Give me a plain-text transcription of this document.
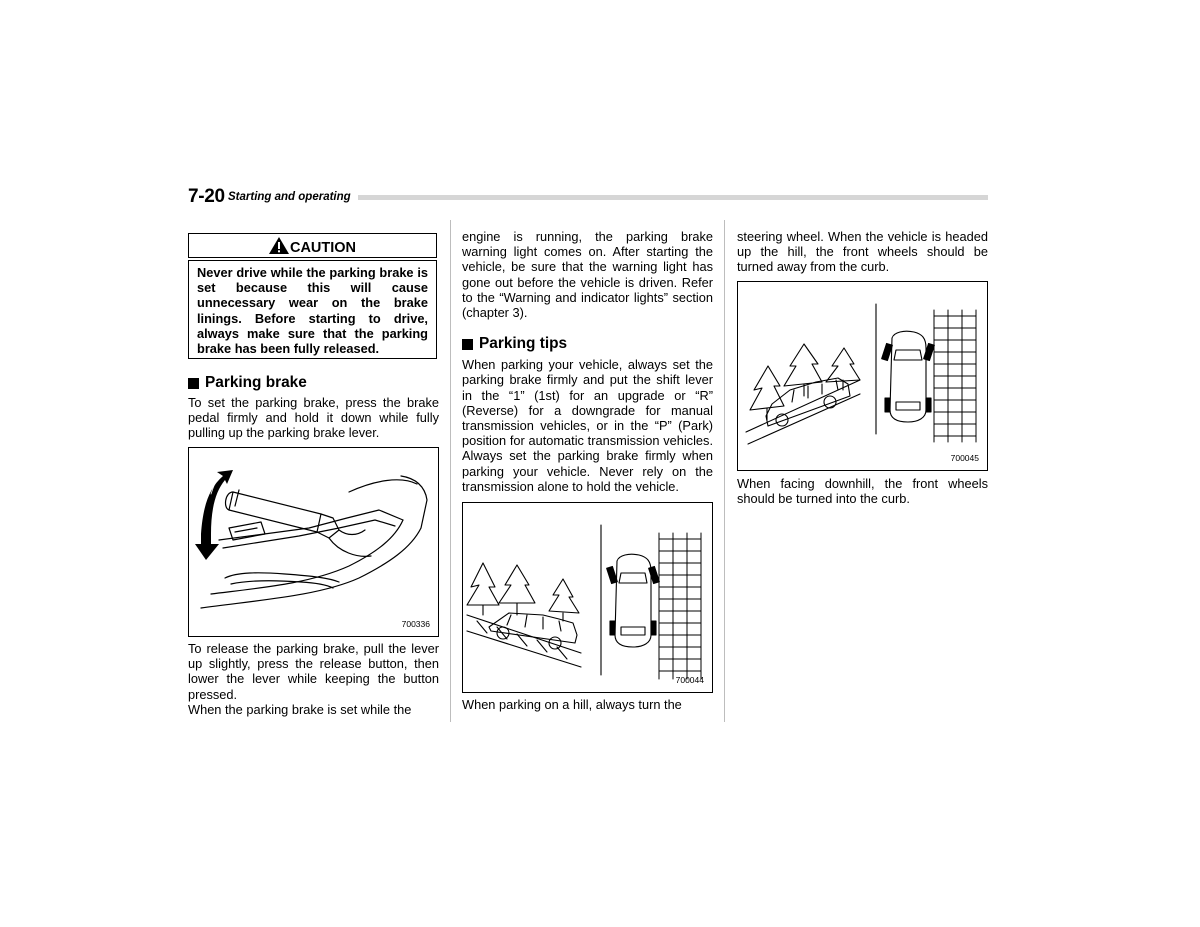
7-20 Starting and operating
CAUTION

Never drive while the parking brake is set because this will cause unnecessary wear on the brake linings. Before starting to drive, always make sure that the parking brake has been fully released.

Parking brake

To set the parking brake, press the brake pedal firmly and hold it down while fully pulling up the parking brake lever.

700336

To release the parking brake, pull the lever up slightly, press the release button, then lower the lever while keeping the button pressed.

When the parking brake is set while the

engine is running, the parking brake warning light comes on. After starting the vehicle, be sure that the warning light has gone out before the vehicle is driven. Refer to the “Warning and indicator lights” section (chapter 3).

Parking tips

When parking your vehicle, always set the parking brake firmly and put the shift lever in the “1” (1st) for an upgrade or “R” (Reverse) for a downgrade for manual transmission vehicles, or in the “P” (Park) position for automatic transmission vehicles. Always set the parking brake firmly when parking your vehicle. Never rely on the transmission alone to hold the vehicle.

700044

When parking on a hill, always turn the

steering wheel. When the vehicle is headed up the hill, the front wheels should be turned away from the curb.

700045

When facing downhill, the front wheels should be turned into the curb.
